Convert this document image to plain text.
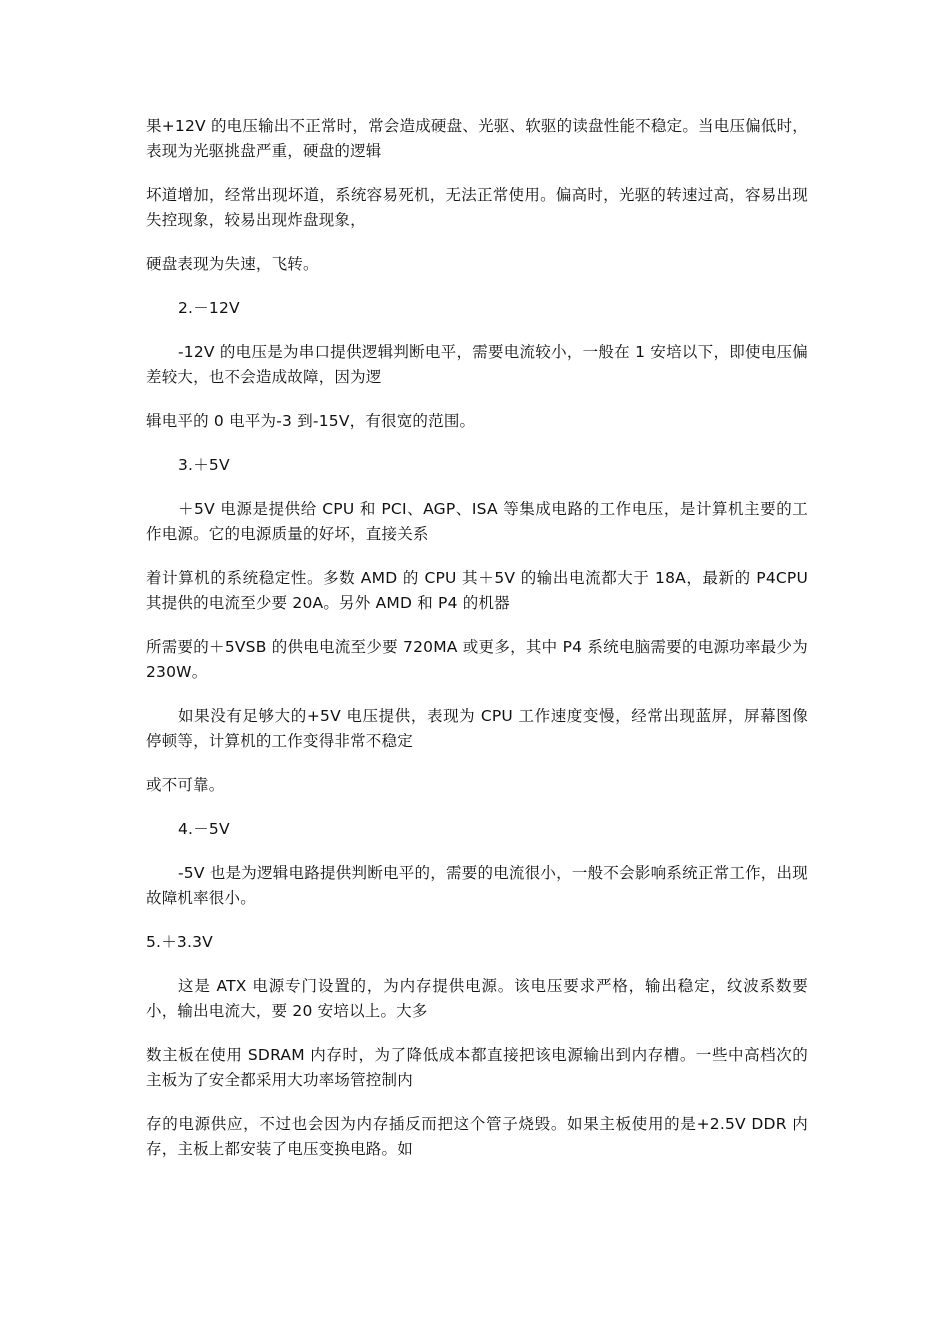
果+12V 的电压输出不正常时，常会造成硬盘、光驱、软驱的读盘性能不稳定。当电压偏低时，表现为光驱挑盘严重，硬盘的逻辑

坏道增加，经常出现坏道，系统容易死机，无法正常使用。偏高时，光驱的转速过高，容易出现失控现象，较易出现炸盘现象，

硬盘表现为失速，飞转。

2.－12V

-12V 的电压是为串口提供逻辑判断电平，需要电流较小，一般在 1 安培以下，即使电压偏差较大，也不会造成故障，因为逻

辑电平的 0 电平为-3 到-15V，有很宽的范围。

3.＋5V

＋5V 电源是提供给 CPU 和 PCI、AGP、ISA 等集成电路的工作电压，是计算机主要的工作电源。它的电源质量的好坏，直接关系

着计算机的系统稳定性。多数 AMD 的 CPU 其＋5V 的输出电流都大于 18A，最新的 P4CPU 其提供的电流至少要 20A。另外 AMD 和 P4 的机器

所需要的＋5VSB 的供电电流至少要 720MA 或更多，其中 P4 系统电脑需要的电源功率最少为 230W。

如果没有足够大的+5V 电压提供，表现为 CPU 工作速度变慢，经常出现蓝屏，屏幕图像停顿等，计算机的工作变得非常不稳定

或不可靠。

4.－5V

-5V 也是为逻辑电路提供判断电平的，需要的电流很小，一般不会影响系统正常工作，出现故障机率很小。

5.＋3.3V

这是 ATX 电源专门设置的，为内存提供电源。该电压要求严格，输出稳定，纹波系数要小，输出电流大，要 20 安培以上。大多

数主板在使用 SDRAM 内存时，为了降低成本都直接把该电源输出到内存槽。一些中高档次的主板为了安全都采用大功率场管控制内

存的电源供应，不过也会因为内存插反而把这个管子烧毁。如果主板使用的是+2.5V DDR 内存，主板上都安装了电压变换电路。如
